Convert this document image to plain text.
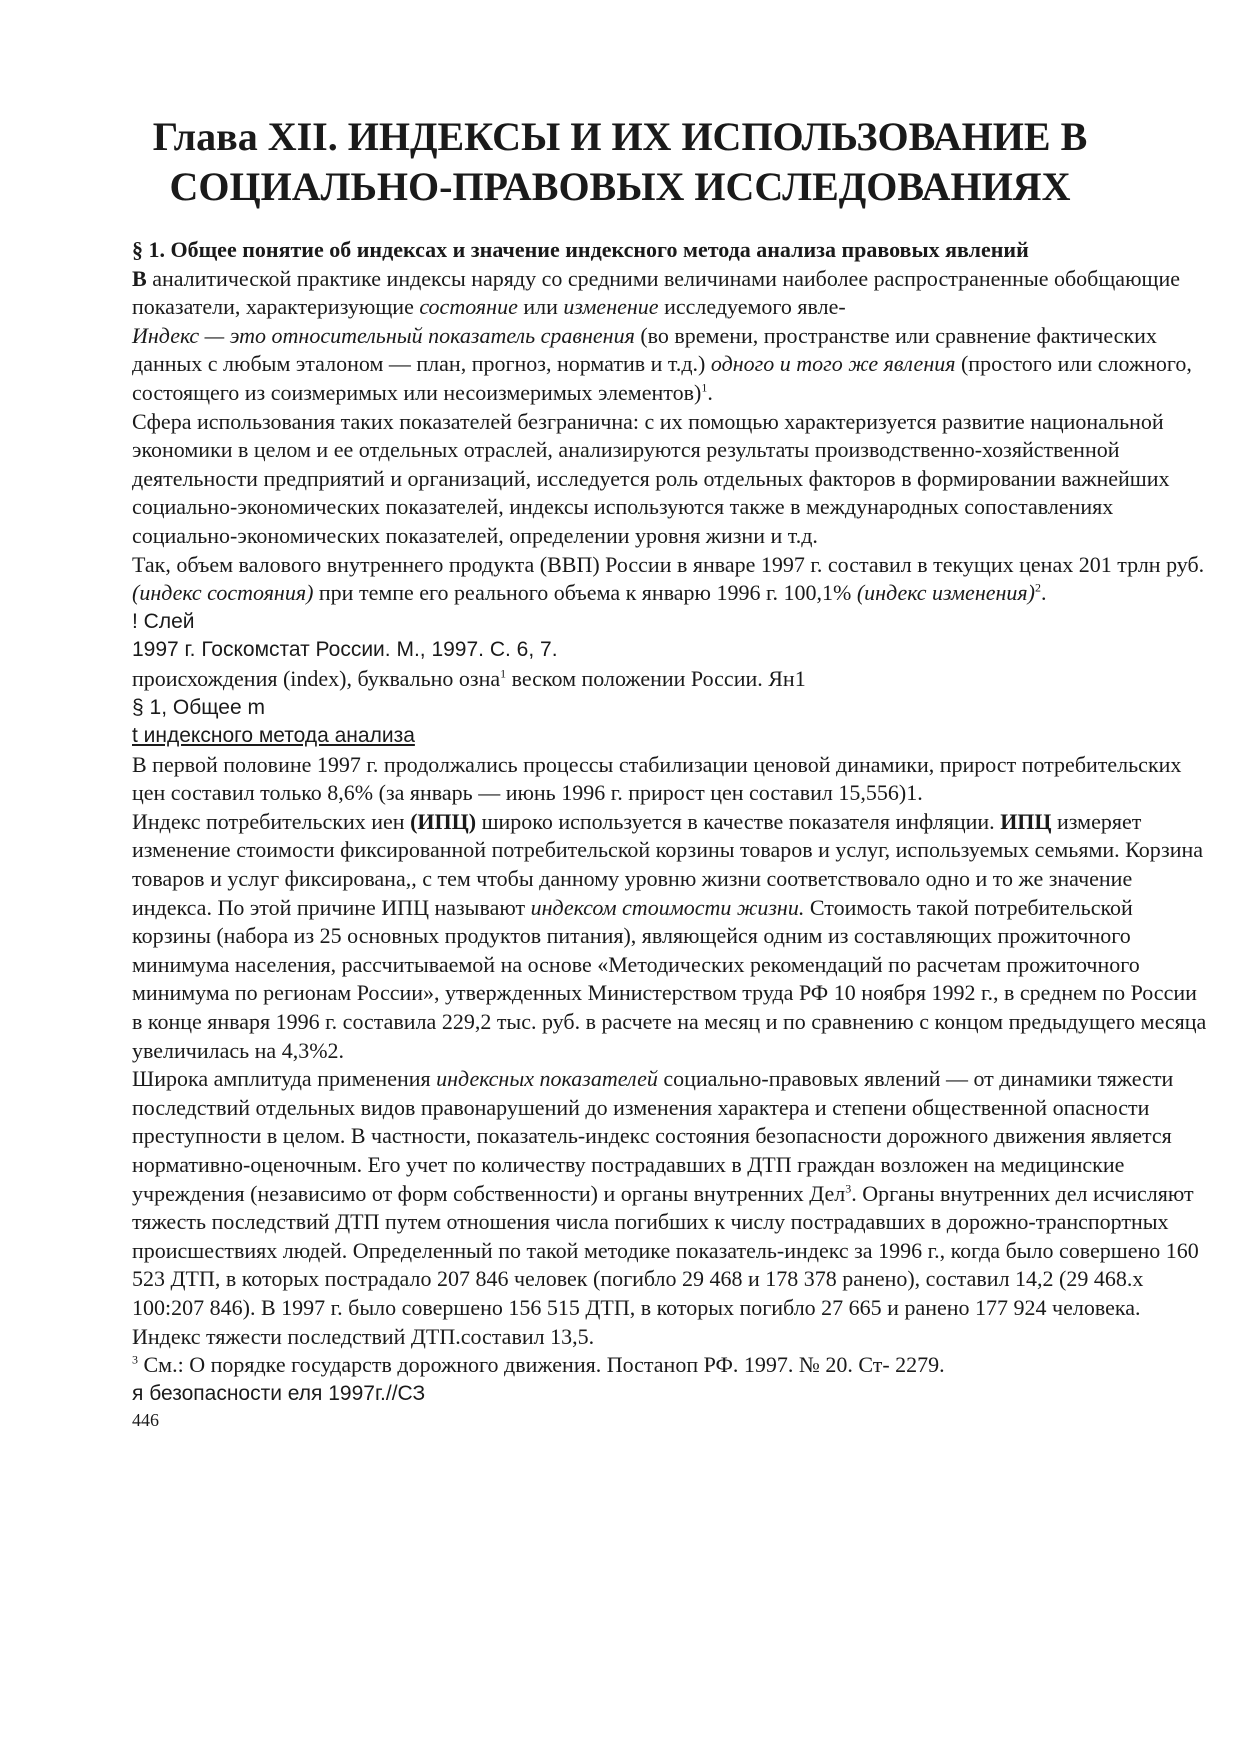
Глава XII. ИНДЕКСЫ И ИХ ИСПОЛЬЗОВАНИЕ В
СОЦИАЛЬНО-ПРАВОВЫХ ИССЛЕДОВАНИЯХ

§ 1. Общее понятие об индексах и значение индексного метода анализа правовых явлений

В аналитической практике индексы наряду со средними величинами наиболее распространенные обобщающие показатели, характеризующие состояние или изменение исследуемого явле-

Индекс — это относительный показатель сравнения (во времени, пространстве или сравнение фактических данных с любым эталоном — план, прогноз, норматив и т.д.) одного и того же явления (простого или сложного, состоящего из соизмеримых или несоизмеримых элементов)$^1$.

Сфера использования таких показателей безгранична: с их помощью характеризуется развитие национальной экономики в целом и ее отдельных отраслей, анализируются результаты производственно-хозяйственной деятельности предприятий и организаций, исследуется роль отдельных факторов в формировании важнейших социально-экономических показателей, индексы используются также в международных сопоставлениях социально-экономических показателей, определении уровня жизни и т.д.

Так, объем валового внутреннего продукта (ВВП) России в январе 1997 г. составил в текущих ценах 201 трлн руб. (индекс состояния) при темпе его реального объема к январю 1996 г. 100,1% (индекс изменения)$^2$.

! Слей

1997 г. Госкомстат России. М., 1997. С. 6, 7.

происхождения (index), буквально озна$^1$ веском положении России. Ян1

§ 1, Общее m

t индексного метода анализа

В первой половине 1997 г. продолжались процессы стабилизации ценовой динамики, прирост потребительских цен составил только 8,6% (за январь — июнь 1996 г. прирост цен составил 15,556)1.

Индекс потребительских иен (ИПЦ) широко используется в качестве показателя инфляции. ИПЦ измеряет изменение стоимости фиксированной потребительской корзины товаров и услуг, используемых семьями. Корзина товаров и услуг фиксирована,, с тем чтобы данному уровню жизни соответствовало одно и то же значение индекса. По этой причине ИПЦ называют индексом стоимости жизни. Стоимость такой потребительской корзины (набора из 25 основных продуктов питания), являющейся одним из составляющих прожиточного минимума населения, рассчитываемой на основе «Методических рекомендаций по расчетам прожиточного минимума по регионам России», утвержденных Министерством труда РФ 10 ноября 1992 г., в среднем по России в конце января 1996 г. составила 229,2 тыс. руб. в расчете на месяц и по сравнению с концом предыдущего месяца увеличилась на 4,3%2.

Широка амплитуда применения индексных показателей социально-правовых явлений — от динамики тяжести последствий отдельных видов правонарушений до изменения характера и степени общественной опасности преступности в целом. В частности, показатель-индекс состояния безопасности дорожного движения является нормативно-оценочным. Его учет по количеству пострадавших в ДТП граждан возложен на медицинские учреждения (независимо от форм собственности) и органы внутренних Дел$^3$. Органы внутренних дел исчисляют тяжесть последствий ДТП путем отношения числа погибших к числу пострадавших в дорожно-транспортных происшествиях людей. Определенный по такой методике показатель-индекс за 1996 г., когда было совершено 160 523 ДТП, в которых пострадало 207 846 человек (погибло 29 468 и 178 378 ранено), составил 14,2 (29 468.х 100:207 846). В 1997 г. было совершено 156 515 ДТП, в которых погибло 27 665 и ранено 177 924 человека. Индекс тяжести последствий ДТП.составил 13,5.

$^3$ См.: О порядке государств дорожного движения. Постаноп РФ. 1997. № 20. Ст- 2279.

я безопасности еля 1997г.//СЗ

446
